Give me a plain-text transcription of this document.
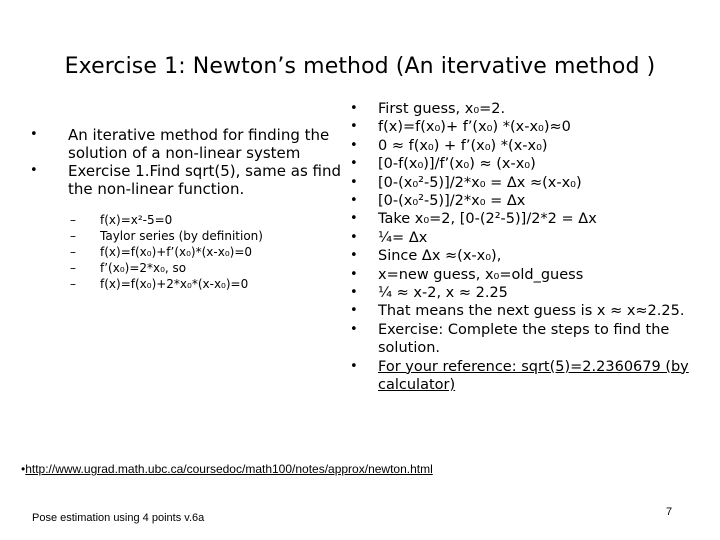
Exercise 1: Newton’s method (An itervative method )
• An iterative method for finding the solution of a non-linear system
• Exercise 1.Find sqrt(5), same as find the non-linear function.
– f(x)=x²-5=0
– Taylor series (by definition)
– f(x)=f(x₀)+f’(x₀)*(x-x₀)=0
– f’(x₀)=2*x₀, so
– f(x)=f(x₀)+2*x₀*(x-x₀)=0
• First guess, x₀=2.
• f(x)=f(x₀)+ f’(x₀) *(x-x₀)≈0
• 0 ≈ f(x₀) + f’(x₀) *(x-x₀)
• [0-f(x₀)]/f’(x₀) ≈ (x-x₀)
• [0-(x₀²-5)]/2*x₀ = Δx ≈(x-x₀)
• [0-(x₀²-5)]/2*x₀ = Δx
• Take x₀=2, [0-(2²-5)]/2*2 = Δx
• ¼= Δx
• Since Δx ≈(x-x₀),
• x=new guess, x₀=old_guess
• ¼ ≈ x-2, x ≈ 2.25
• That means the next guess is x ≈ x≈2.25.
• Exercise: Complete the steps to find the solution.
• For your reference: sqrt(5)=2.2360679 (by calculator)
•http://www.ugrad.math.ubc.ca/coursedoc/math100/notes/approx/newton.html
Pose estimation using 4 points v.6a	7
